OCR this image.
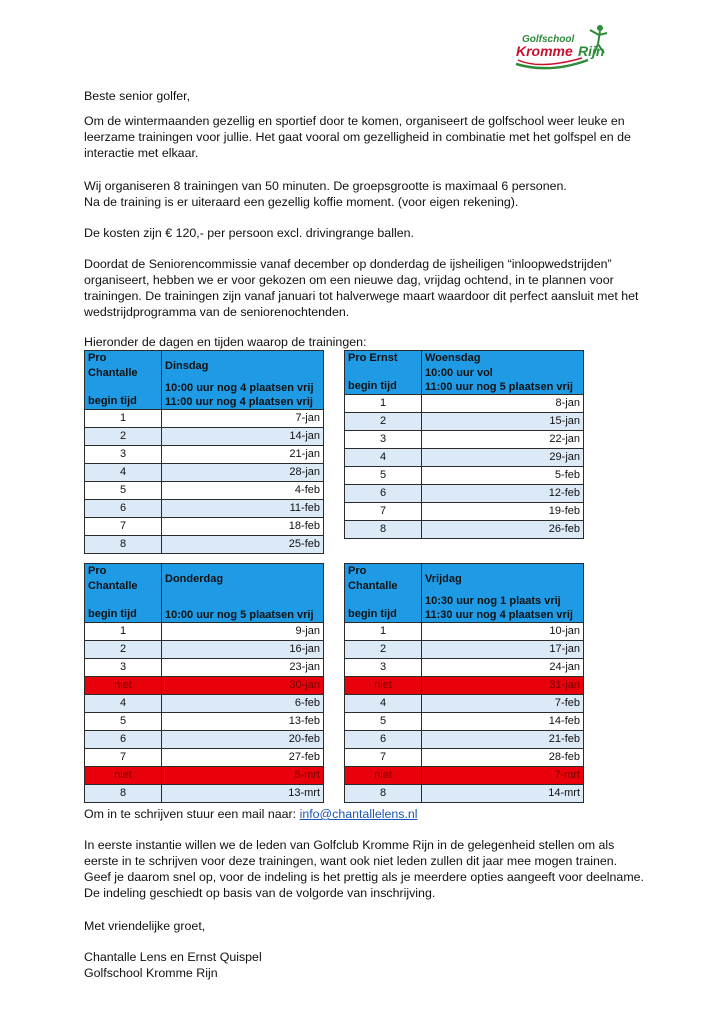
Golfschool
Kromme Rijn

Beste senior golfer,

Om de wintermaanden gezellig en sportief door te komen, organiseert de golfschool weer leuke en leerzame trainingen voor jullie. Het gaat vooral om gezelligheid in combinatie met het golfspel en de interactie met elkaar.

Wij organiseren 8 trainingen van 50 minuten. De groepsgrootte is maximaal 6 personen.

Na de training is er uiteraard een gezellig koffie moment. (voor eigen rekening).

De kosten zijn € 120,- per persoon excl. drivingrange ballen.

Doordat de Seniorencommissie vanaf december op donderdag de ijsheiligen “inloopwedstrijden” organiseert, hebben we er voor gekozen om een nieuwe dag, vrijdag ochtend, in te plannen voor trainingen. De trainingen zijn vanaf januari tot halverwege maart waardoor dit perfect aansluit met het wedstrijdprogramma van de seniorenochtenden.

Hieronder de dagen en tijden waarop de trainingen:

Pro Chantalle	Dinsdag
begin tijd	10:00 uur nog 4 plaatsen vrij
11:00 uur nog 4 plaatsen vrij
1	7-jan
2	14-jan
3	21-jan
4	28-jan
5	4-feb
6	11-feb
7	18-feb
8	25-feb
Pro Ernst	Woensdag
begin tijd	10:00 uur vol
11:00 uur nog 5 plaatsen vrij
1	8-jan
2	15-jan
3	22-jan
4	29-jan
5	5-feb
6	12-feb
7	19-feb
8	26-feb
Pro Chantalle	Donderdag
begin tijd	10:00 uur nog 5 plaatsen vrij
1	9-jan
2	16-jan
3	23-jan
niet	30-jan
4	6-feb
5	13-feb
6	20-feb
7	27-feb
niet	6-mrt
8	13-mrt
Pro Chantalle	Vrijdag
begin tijd	10:30 uur nog 1 plaats vrij
11:30 uur nog 4 plaatsen vrij
1	10-jan
2	17-jan
3	24-jan
niet	31-jan
4	7-feb
5	14-feb
6	21-feb
7	28-feb
niet	7-mrt
8	14-mrt

Om in te schrijven stuur een mail naar: info@chantallelens.nl

In eerste instantie willen we de leden van Golfclub Kromme Rijn in de gelegenheid stellen om als eerste in te schrijven voor deze trainingen, want ook niet leden zullen dit jaar mee mogen trainen. Geef je daarom snel op, voor de indeling is het prettig als je meerdere opties aangeeft voor deelname. De indeling geschiedt op basis van de volgorde van inschrijving.

Met vriendelijke groet,

Chantalle Lens en Ernst Quispel

Golfschool Kromme Rijn
